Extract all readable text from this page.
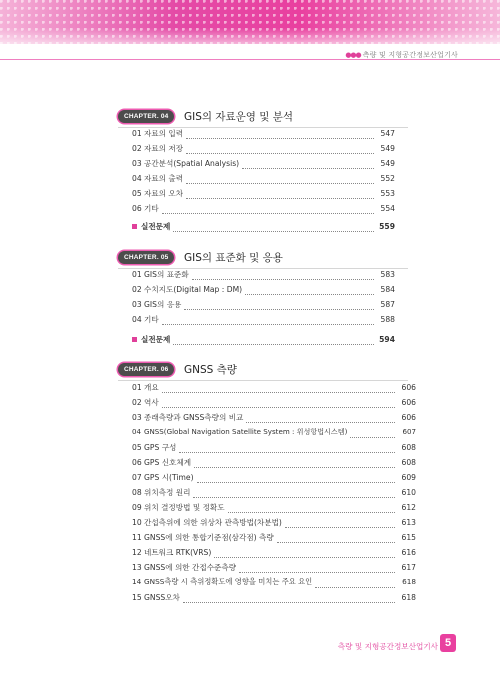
●●● 측량 및 지형공간정보산업기사
CHAPTER. 04	GIS의 자료운영 및 분석
01 자료의 입력	547
02 자료의 저장	549
03 공간분석(Spatial Analysis)	549
04 자료의 출력	552
05 자료의 오차	553
06 기타	554
실전문제	559
CHAPTER. 05	GIS의 표준화 및 응용
01 GIS의 표준화	583
02 수치지도(Digital Map : DM)	584
03 GIS의 응용	587
04 기타	588
실전문제	594
CHAPTER. 06	GNSS 측량
01 개요	606
02 역사	606
03 종래측량과 GNSS측량의 비교	606
04 GNSS(Global Navigation Satellite System : 위성항법시스템)	607
05 GPS 구성	608
06 GPS 신호체계	608
07 GPS 시(Time)	609
08 위치측정 원리	610
09 위치 결정방법 및 정확도	612
10 간섭측위에 의한 위상차 관측방법(차분법)	613
11 GNSS에 의한 통합기준점(삼각점) 측량	615
12 네트워크 RTK(VRS)	616
13 GNSS에 의한 간접수준측량	617
14 GNSS측량 시 측위정확도에 영향을 미치는 주요 요인	618
15 GNSS오차	618
측량 및 지형공간정보산업기사 5
